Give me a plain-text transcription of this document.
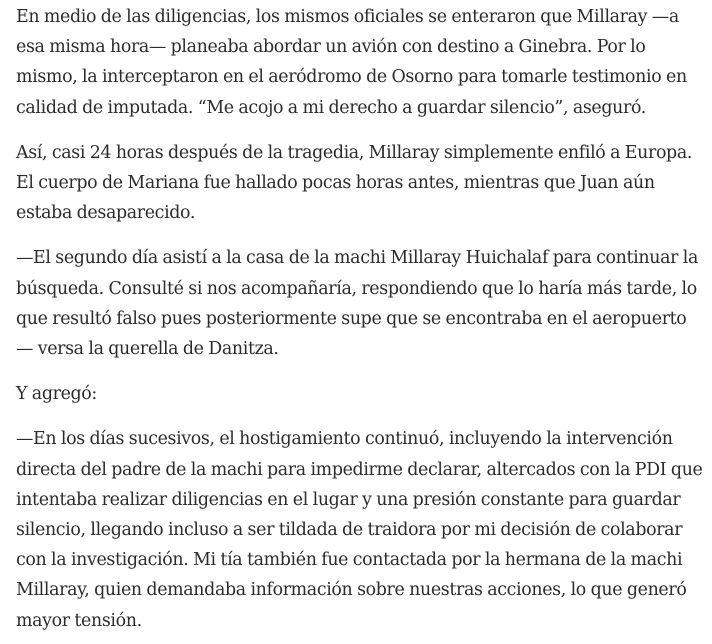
En medio de las diligencias, los mismos oficiales se enteraron que Millaray —a esa misma hora— planeaba abordar un avión con destino a Ginebra. Por lo mismo, la interceptaron en el aeródromo de Osorno para tomarle testimonio en calidad de imputada. “Me acojo a mi derecho a guardar silencio”, aseguró.

Así, casi 24 horas después de la tragedia, Millaray simplemente enfiló a Europa. El cuerpo de Mariana fue hallado pocas horas antes, mientras que Juan aún estaba desaparecido.

—El segundo día asistí a la casa de la machi Millaray Huichalaf para continuar la búsqueda. Consulté si nos acompañaría, respondiendo que lo haría más tarde, lo que resultó falso pues posteriormente supe que se encontraba en el aeropuerto — versa la querella de Danitza.

Y agregó:

—En los días sucesivos, el hostigamiento continuó, incluyendo la intervención directa del padre de la machi para impedirme declarar, altercados con la PDI que intentaba realizar diligencias en el lugar y una presión constante para guardar silencio, llegando incluso a ser tildada de traidora por mi decisión de colaborar con la investigación. Mi tía también fue contactada por la hermana de la machi Millaray, quien demandaba información sobre nuestras acciones, lo que generó mayor tensión.
